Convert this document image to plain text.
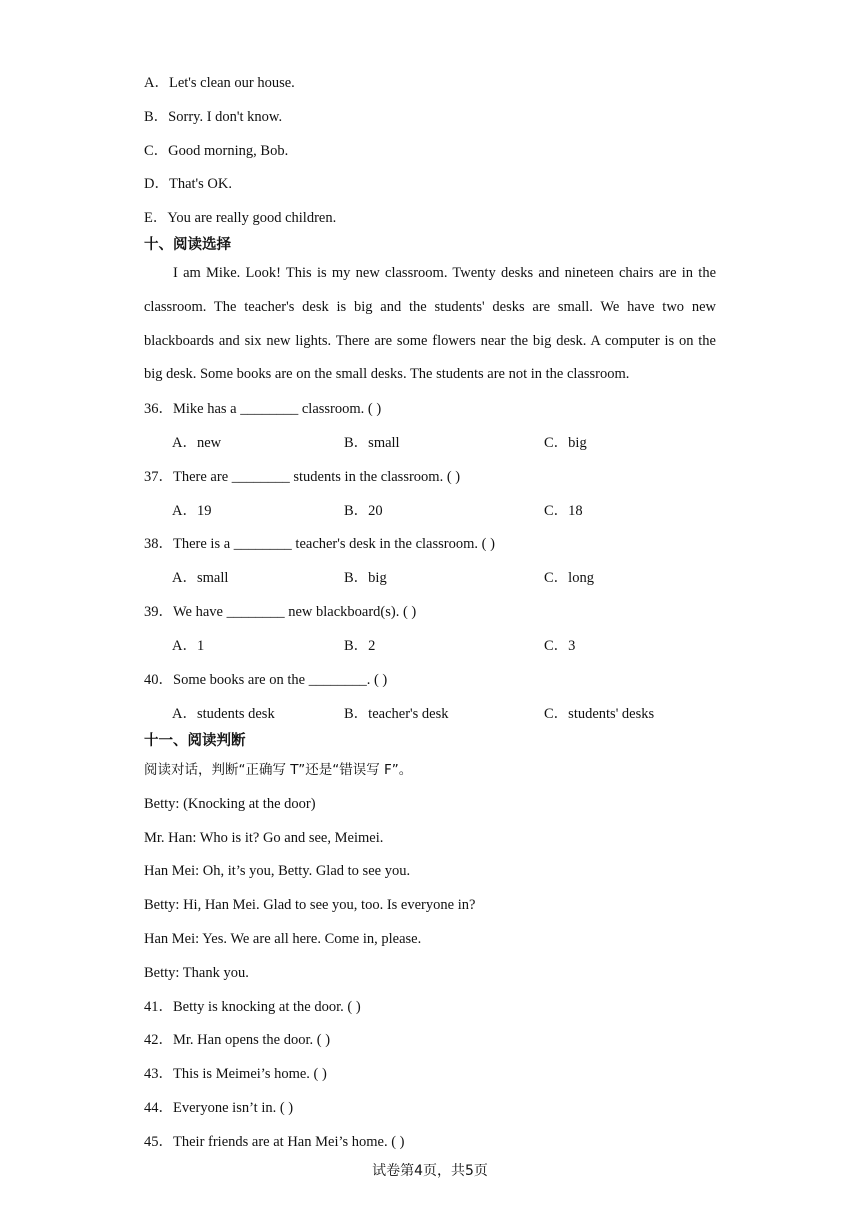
A．Let's clean our house.
B．Sorry. I don't know.
C．Good morning, Bob.
D．That's OK.
E．You are really good children.
十、阅读选择
I am Mike. Look! This is my new classroom. Twenty desks and nineteen chairs are in the classroom. The teacher's desk is big and the students' desks are small. We have two new blackboards and six new lights. There are some flowers near the big desk. A computer is on the big desk. Some books are on the small desks. The students are not in the classroom.
36．Mike has a ________ classroom. ( )
A．new	B．small	C．big
37．There are ________ students in the classroom. ( )
A．19	B．20	C．18
38．There is a ________ teacher's desk in the classroom. ( )
A．small	B．big	C．long
39．We have ________ new blackboard(s). ( )
A．1	B．2	C．3
40．Some books are on the ________. ( )
A．students desk	B．teacher's desk	C．students' desks
十一、阅读判断
阅读对话，判断“正确写 T”还是“错误写 F”。
Betty: (Knocking at the door)
Mr. Han: Who is it? Go and see, Meimei.
Han Mei: Oh, it’s you, Betty. Glad to see you.
Betty: Hi, Han Mei. Glad to see you, too. Is everyone in?
Han Mei: Yes. We are all here. Come in, please.
Betty: Thank you.
41．Betty is knocking at the door. ( )
42．Mr. Han opens the door. ( )
43．This is Meimei’s home. ( )
44．Everyone isn’t in. ( )
45．Their friends are at Han Mei’s home. ( )
试卷第4页，共5页
